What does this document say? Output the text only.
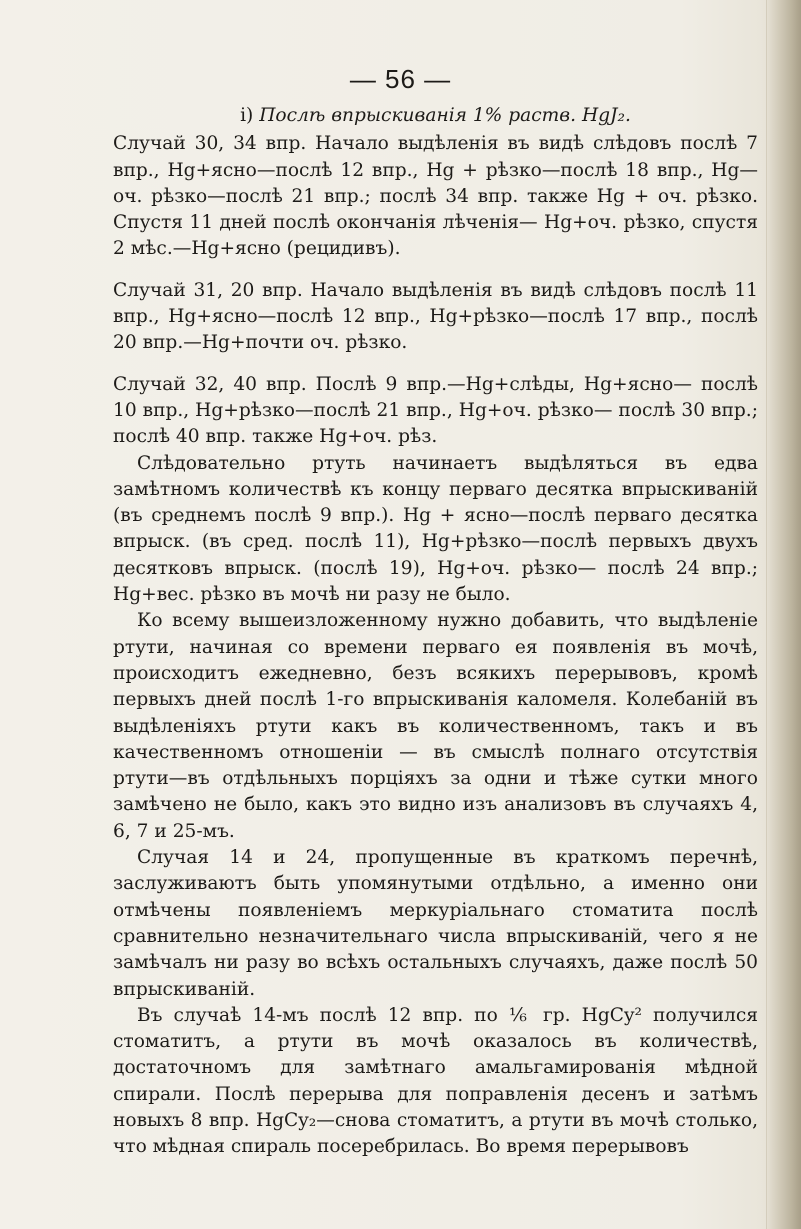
— 56 —

i) Послѣ впрыскиванія 1% раств. HgJ₂.

Случай 30, 34 впр. Начало выдѣленія въ видѣ слѣдовъ послѣ 7 впр., Hg+ясно—послѣ 12 впр., Hg + рѣзко—послѣ 18 впр., Hg—оч. рѣзко—послѣ 21 впр.; послѣ 34 впр. также Hg + оч. рѣзко. Спустя 11 дней послѣ окончанія лѣченія— Hg+оч. рѣзко, спустя 2 мѣс.—Hg+ясно (рецидивъ).

Случай 31, 20 впр. Начало выдѣленія въ видѣ слѣдовъ послѣ 11 впр., Hg+ясно—послѣ 12 впр., Hg+рѣзко—послѣ 17 впр., послѣ 20 впр.—Hg+почти оч. рѣзко.

Случай 32, 40 впр. Послѣ 9 впр.—Hg+слѣды, Hg+ясно— послѣ 10 впр., Hg+рѣзко—послѣ 21 впр., Hg+оч. рѣзко— послѣ 30 впр.; послѣ 40 впр. также Hg+оч. рѣз.

Слѣдовательно ртуть начинаетъ выдѣляться въ едва замѣтномъ количествѣ къ концу перваго десятка впрыскиваній (въ среднемъ послѣ 9 впр.). Hg + ясно—послѣ перваго десятка впрыск. (въ сред. послѣ 11), Hg+рѣзко—послѣ первыхъ двухъ десятковъ впрыск. (послѣ 19), Hg+оч. рѣзко— послѣ 24 впр.; Hg+вес. рѣзко въ мочѣ ни разу не было.

Ко всему вышеизложенному нужно добавить, что выдѣленіе ртути, начиная со времени перваго ея появленія въ мочѣ, происходитъ ежедневно, безъ всякихъ перерывовъ, кромѣ первыхъ дней послѣ 1-го впрыскиванія каломеля. Колебаній въ выдѣленіяхъ ртути какъ въ количественномъ, такъ и въ качественномъ отношеніи — въ смыслѣ полнаго отсутствія ртути—въ отдѣльныхъ порціяхъ за одни и тѣже сутки много замѣчено не было, какъ это видно изъ анализовъ въ случаяхъ 4, 6, 7 и 25-мъ.

Случая 14 и 24, пропущенные въ краткомъ перечнѣ, заслуживаютъ быть упомянутыми отдѣльно, а именно они отмѣчены появленіемъ меркуріальнаго стоматита послѣ сравнительно незначительнаго числа впрыскиваній, чего я не замѣчалъ ни разу во всѣхъ остальныхъ случаяхъ, даже послѣ 50 впрыскиваній.

Въ случаѣ 14-мъ послѣ 12 впр. по ⅙ гр. HgCy² получился стоматитъ, а ртути въ мочѣ оказалось въ количествѣ, достаточномъ для замѣтнаго амальгамированія мѣдной спирали. Послѣ перерыва для поправленія десенъ и затѣмъ новыхъ 8 впр. HgCy₂—снова стоматитъ, а ртути въ мочѣ столько, что мѣдная спираль посеребрилась. Во время перерывовъ
